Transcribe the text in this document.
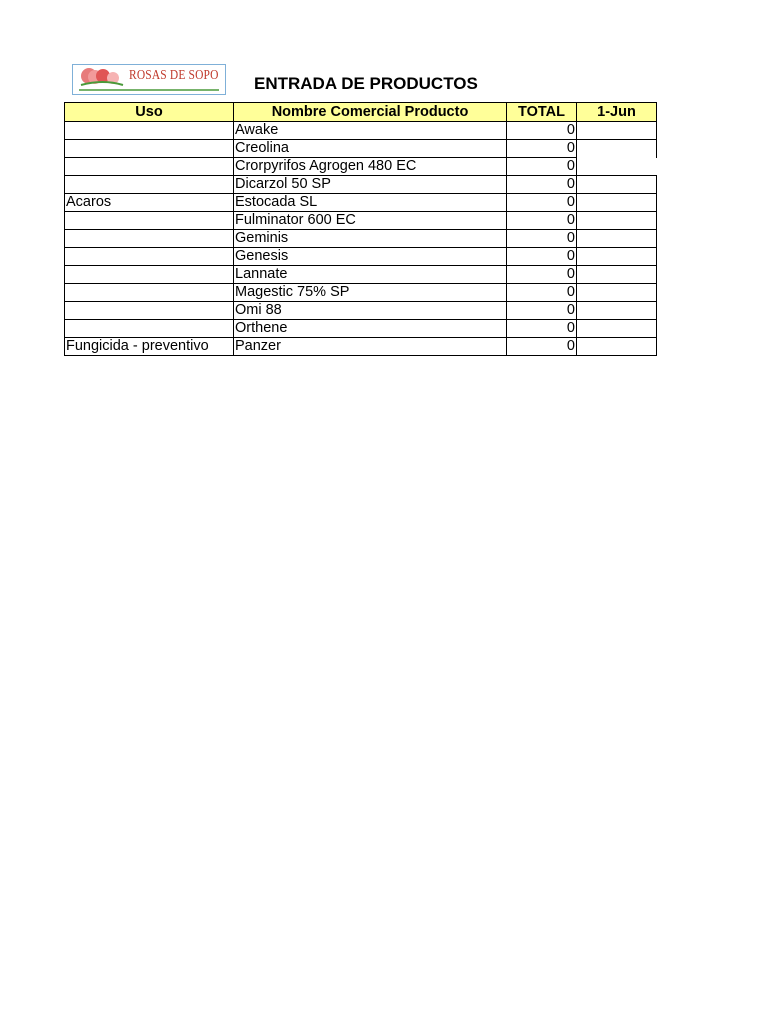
ROSAS DE SOPO ENTRADA DE PRODUCTOS
Uso	Nombre Comercial Producto	TOTAL	1-Jun
	Awake	0	
	Creolina	0	
	Crorpyrifos Agrogen 480 EC	0	
	Dicarzol 50 SP	0	
Acaros	Estocada SL	0	
	Fulminator 600 EC	0	
	Geminis	0	
	Genesis	0	
	Lannate	0	
	Magestic 75% SP	0	
	Omi 88	0	
	Orthene	0	
Fungicida - preventivo	Panzer	0	
